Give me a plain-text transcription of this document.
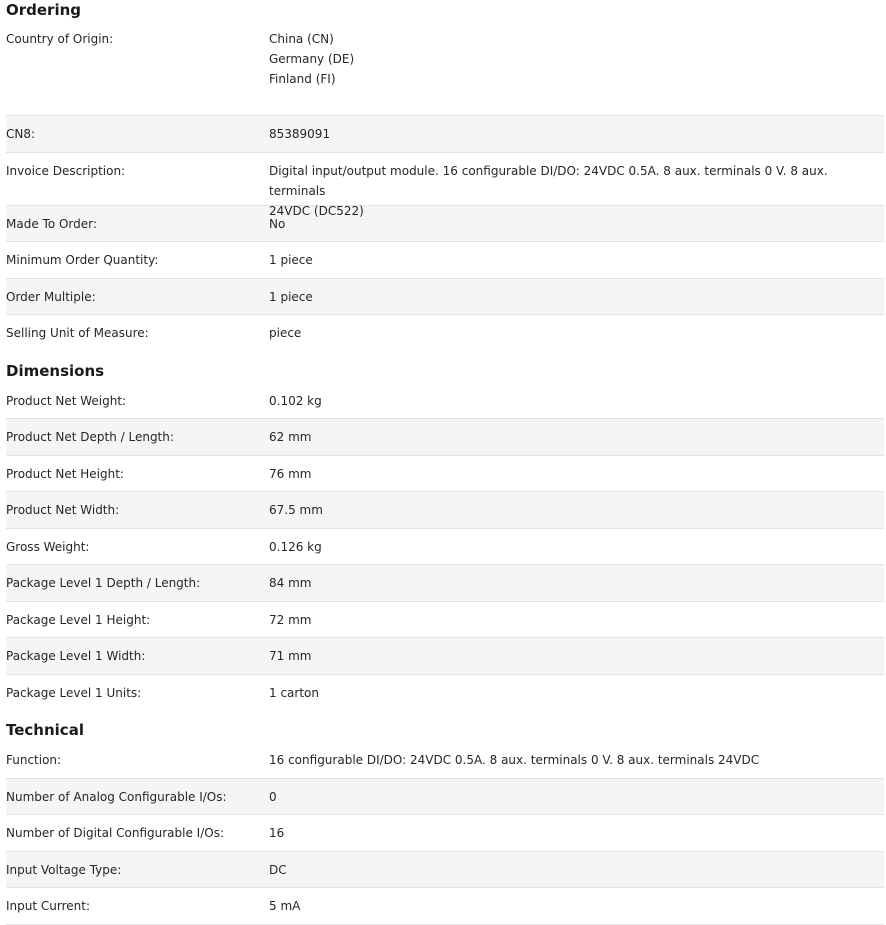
Ordering
Country of Origin:	China (CN)
Germany (DE)
Finland (FI)
CN8:	85389091
Invoice Description:	Digital input/output module. 16 configurable DI/DO: 24VDC 0.5A. 8 aux. terminals 0 V. 8 aux. terminals
24VDC (DC522)
Made To Order:	No
Minimum Order Quantity:	1 piece
Order Multiple:	1 piece
Selling Unit of Measure:	piece
Dimensions
Product Net Weight:	0.102 kg
Product Net Depth / Length:	62 mm
Product Net Height:	76 mm
Product Net Width:	67.5 mm
Gross Weight:	0.126 kg
Package Level 1 Depth / Length:	84 mm
Package Level 1 Height:	72 mm
Package Level 1 Width:	71 mm
Package Level 1 Units:	1 carton
Technical
Function:	16 configurable DI/DO: 24VDC 0.5A. 8 aux. terminals 0 V. 8 aux. terminals 24VDC
Number of Analog Configurable I/Os:	0
Number of Digital Configurable I/Os:	16
Input Voltage Type:	DC
Input Current:	5 mA
